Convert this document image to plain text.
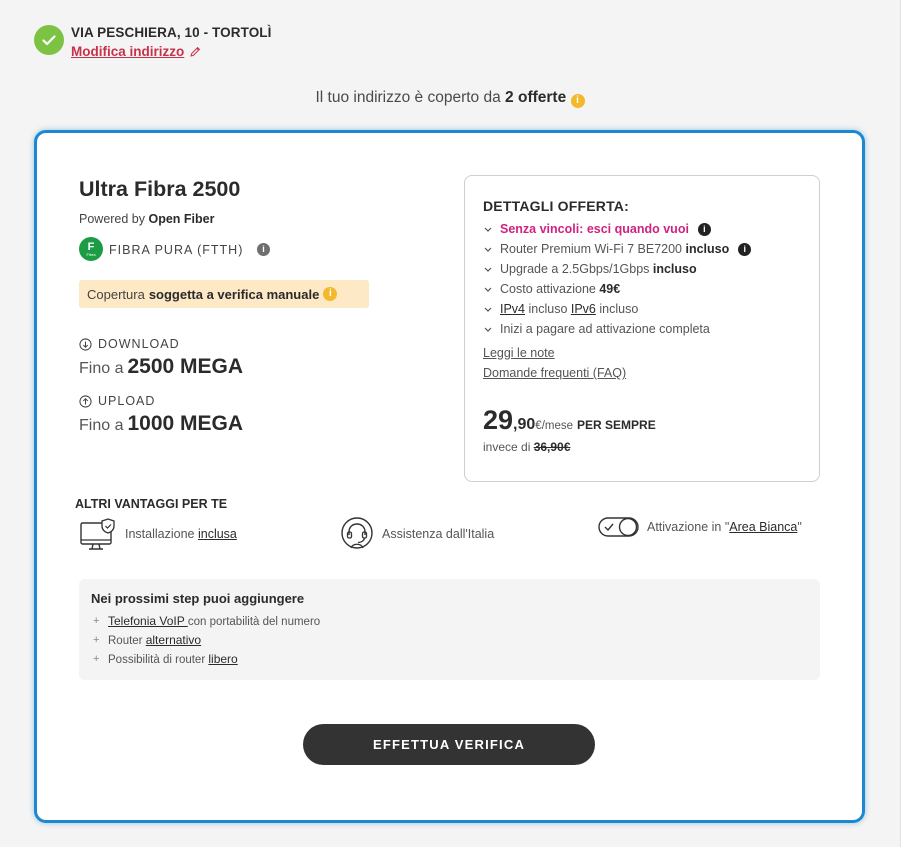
VIA PESCHIERA, 10 - TORTOLÌ
Modifica indirizzo
Il tuo indirizzo è coperto da 2 offerte i
Ultra Fibra 2500
Powered by Open Fiber
F
Fibra FIBRA PURA (FTTH)	i
Copertura soggetta a verifica manuale i
DOWNLOAD
Fino a 2500 MEGA
UPLOAD
Fino a 1000 MEGA
DETTAGLI OFFERTA:
Senza vincoli: esci quando vuoi	i
Router Premium Wi-Fi 7 BE7200 incluso	i
Upgrade a 2.5Gbps/1Gbps incluso
Costo attivazione 49€
IPv4 incluso IPv6 incluso
Inizi a pagare ad attivazione completa
Leggi le note
Domande frequenti (FAQ)
29 ,90 €/mese PER SEMPRE
invece di 36,90€
ALTRI VANTAGGI PER TE
Installazione inclusa	Assistenza dall'Italia	Attivazione in "Area Bianca"
Nei prossimi step puoi aggiungere
+ Telefonia VoIP con portabilità del numero
+ Router alternativo
+ Possibilità di router libero
EFFETTUA VERIFICA
